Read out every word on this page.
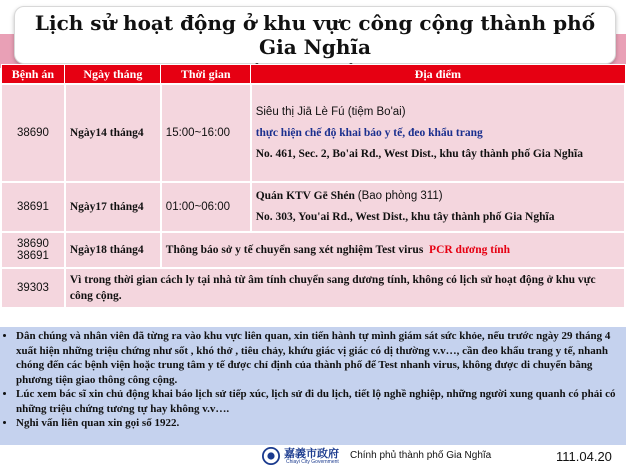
Lịch sử hoạt động ở khu vực công cộng thành phố Gia Nghĩa
Bệnh án	Ngày tháng	Thời gian	Địa điểm
38690	Ngày14 tháng4	15:00~16:00	Siêu thị Jiā Lè Fú (tiệm Bo'ai)
thực hiện chế độ khai báo y tế, đeo khẩu trang
No. 461, Sec. 2, Bo'ai Rd., West Dist., khu tây thành phố Gia Nghĩa

38691	Ngày17 tháng4	01:00~06:00	Quán KTV Gē Shén (Bao phòng 311)
No. 303, You'ai Rd., West Dist., khu tây thành phố Gia Nghĩa

38690
38691	Ngày18 tháng4	Thông báo sở y tế chuyển sang xét nghiệm Test virus PCR dương tính	
39303	Vì trong thời gian cách ly tại nhà từ âm tính chuyển sang dương tính, không có lịch sử hoạt động ở khu vực công cộng.		
• Dân chúng và nhân viên đã từng ra vào khu vực liên quan, xin tiến hành tự mình giám sát sức khỏe, nếu trước ngày 29 tháng 4 xuất hiện những triệu chứng như sốt , khó thở , tiêu chảy, khứu giác vị giác có dị thường v.v…, cần đeo khẩu trang y tế, nhanh chóng đến các bệnh viện hoặc trung tâm y tế được chỉ định của thành phố để Test nhanh virus, không được di chuyển bằng phương tiện giao thông công cộng.
• Lúc xem bác sĩ xin chủ động khai báo lịch sử tiếp xúc, lịch sử đi du lịch, tiết lộ nghề nghiệp, những người xung quanh có phải có những triệu chứng tương tự hay không v.v….
• Nghi vấn liên quan xin gọi số 1922.
嘉義市政府
Chiayi City Government
Chính phủ thành phố Gia Nghĩa	111.04.20
